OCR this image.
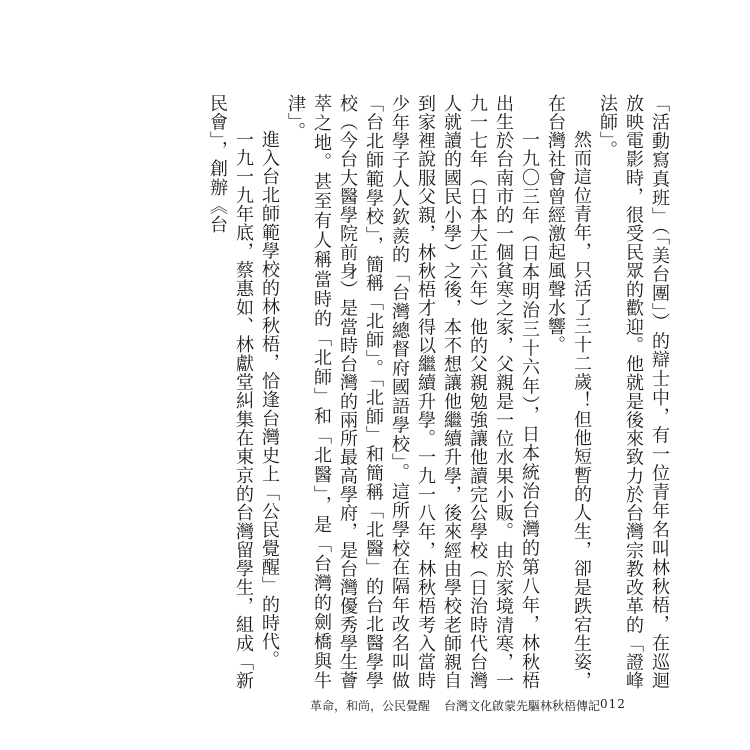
「活動寫真班」（「美台團」）的辯士中，有一位青年名叫林秋梧，在巡迴放映電影時，很受民眾的歡迎。他就是後來致力於台灣宗教改革的「證峰法師」。

然而這位青年，只活了三十二歲！但他短暫的人生，卻是跌宕生姿，在台灣社會曾經激起風聲水響。

一九〇三年（日本明治三十六年），日本統治台灣的第八年，林秋梧出生於台南市的一個貧寒之家，父親是一位水果小販。由於家境清寒，一九一七年（日本大正六年）他的父親勉強讓他讀完公學校（日治時代台灣人就讀的國民小學）之後，本不想讓他繼續升學，後來經由學校老師親自到家裡說服父親，林秋梧才得以繼續升學。一九一八年，林秋梧考入當時少年學子人人欽羨的「台灣總督府國語學校」。這所學校在隔年改名叫做「台北師範學校」，簡稱「北師」。「北師」和簡稱「北醫」的台北醫學學校（今台大醫學院前身）是當時台灣的兩所最高學府，是台灣優秀學生薈萃之地。甚至有人稱當時的「北師」和「北醫」，是「台灣的劍橋與牛津」。

進入台北師範學校的林秋梧，恰逢台灣史上「公民覺醒」的時代。

一九一九年底，蔡惠如、林獻堂糾集在東京的台灣留學生，組成「新民會」，創辦《台

革命，和尚，公民覺醒 台灣文化啟蒙先驅林秋梧傳記 012
